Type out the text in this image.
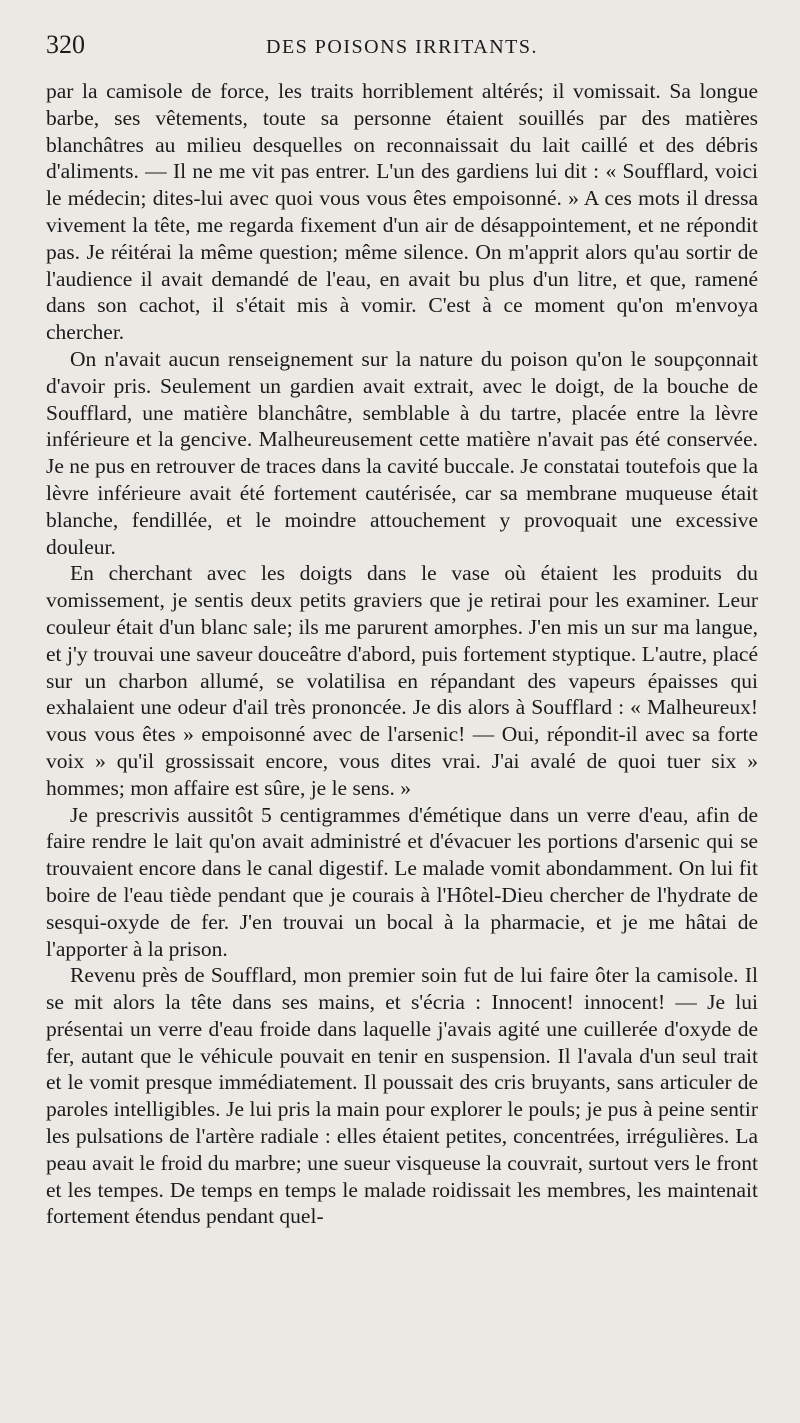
320	DES POISONS IRRITANTS.

par la camisole de force, les traits horriblement altérés; il vomissait. Sa longue barbe, ses vêtements, toute sa personne étaient souillés par des matières blanchâtres au milieu desquelles on reconnaissait du lait caillé et des débris d'aliments. — Il ne me vit pas entrer. L'un des gardiens lui dit : « Soufflard, voici le médecin; dites-lui avec quoi vous vous êtes empoisonné. » A ces mots il dressa vivement la tête, me regarda fixement d'un air de désappointement, et ne répondit pas. Je réitérai la même question; même silence. On m'apprit alors qu'au sortir de l'audience il avait demandé de l'eau, en avait bu plus d'un litre, et que, ramené dans son cachot, il s'était mis à vomir. C'est à ce moment qu'on m'envoya chercher.

On n'avait aucun renseignement sur la nature du poison qu'on le soupçonnait d'avoir pris. Seulement un gardien avait extrait, avec le doigt, de la bouche de Soufflard, une matière blanchâtre, semblable à du tartre, placée entre la lèvre inférieure et la gencive. Malheureusement cette matière n'avait pas été conservée. Je ne pus en retrouver de traces dans la cavité buccale. Je constatai toutefois que la lèvre inférieure avait été fortement cautérisée, car sa membrane muqueuse était blanche, fendillée, et le moindre attouchement y provoquait une excessive douleur.

En cherchant avec les doigts dans le vase où étaient les produits du vomissement, je sentis deux petits graviers que je retirai pour les examiner. Leur couleur était d'un blanc sale; ils me parurent amorphes. J'en mis un sur ma langue, et j'y trouvai une saveur douceâtre d'abord, puis fortement styptique. L'autre, placé sur un charbon allumé, se volatilisa en répandant des vapeurs épaisses qui exhalaient une odeur d'ail très prononcée. Je dis alors à Soufflard : « Malheureux! vous vous êtes » empoisonné avec de l'arsenic! — Oui, répondit-il avec sa forte voix » qu'il grossissait encore, vous dites vrai. J'ai avalé de quoi tuer six » hommes; mon affaire est sûre, je le sens. »

Je prescrivis aussitôt 5 centigrammes d'émétique dans un verre d'eau, afin de faire rendre le lait qu'on avait administré et d'évacuer les portions d'arsenic qui se trouvaient encore dans le canal digestif. Le malade vomit abondamment. On lui fit boire de l'eau tiède pendant que je courais à l'Hôtel-Dieu chercher de l'hydrate de sesqui-oxyde de fer. J'en trouvai un bocal à la pharmacie, et je me hâtai de l'apporter à la prison.

Revenu près de Soufflard, mon premier soin fut de lui faire ôter la camisole. Il se mit alors la tête dans ses mains, et s'écria : Innocent! innocent! — Je lui présentai un verre d'eau froide dans laquelle j'avais agité une cuillerée d'oxyde de fer, autant que le véhicule pouvait en tenir en suspension. Il l'avala d'un seul trait et le vomit presque immédiatement. Il poussait des cris bruyants, sans articuler de paroles intelligibles. Je lui pris la main pour explorer le pouls; je pus à peine sentir les pulsations de l'artère radiale : elles étaient petites, concentrées, irrégulières. La peau avait le froid du marbre; une sueur visqueuse la couvrait, surtout vers le front et les tempes. De temps en temps le malade roidissait les membres, les maintenait fortement étendus pendant quel-
